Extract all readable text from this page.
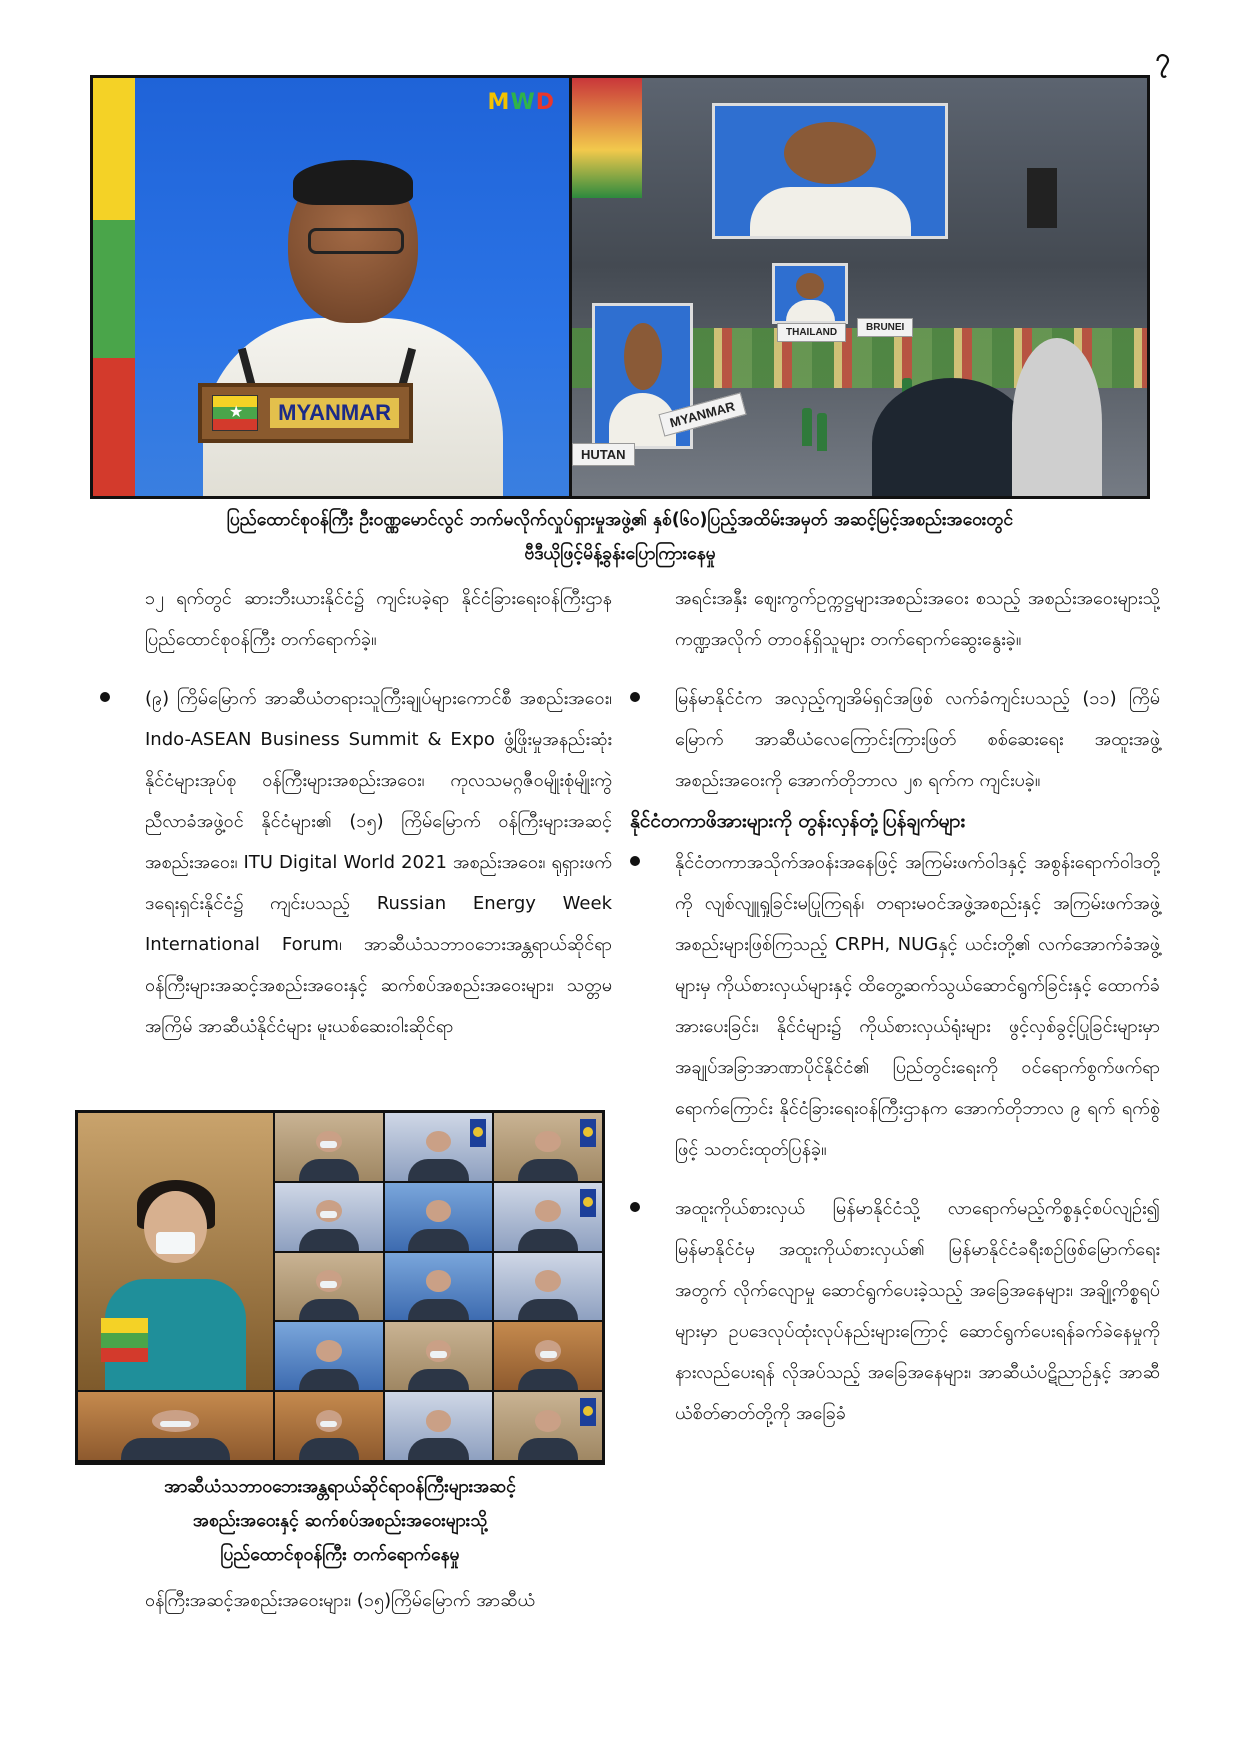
၇
MWD
★	MYANMAR
HUTAN
MYANMAR
THAILAND	BRUNEI
ပြည်ထောင်စုဝန်ကြီး ဦးဝဏ္ဏမောင်လွင် ဘက်မလိုက်လှုပ်ရှားမှုအဖွဲ့၏ နှစ်(၆၀)ပြည့်အထိမ်းအမှတ် အဆင့်မြင့်အစည်းအဝေးတွင်
ဗီဒီယိုဖြင့်မိန့်ခွန်းပြောကြားနေမှု

၁၂ ရက်တွင် ဆားဘီးယားနိုင်ငံ၌ ကျင်းပခဲ့ရာ နိုင်ငံခြားရေးဝန်ကြီးဌာန ပြည်ထောင်စုဝန်ကြီး တက်ရောက်ခဲ့။

(၉) ကြိမ်မြောက် အာဆီယံတရားသူကြီးချုပ်များကောင်စီ အစည်းအဝေး၊ Indo-ASEAN Business Summit & Expo ဖွံ့ဖြိုးမှုအနည်းဆုံးနိုင်ငံများအုပ်စု ဝန်ကြီးများအစည်းအဝေး၊ ကုလသမဂ္ဂဇီဝမျိုးစုံမျိုးကွဲညီလာခံအဖွဲ့ဝင် နိုင်ငံများ၏ (၁၅) ကြိမ်မြောက် ဝန်ကြီးများအဆင့်အစည်းအဝေး၊ ITU Digital World 2021 အစည်းအဝေး၊ ရုရှားဖက်ဒရေးရှင်းနိုင်ငံ၌ ကျင်းပသည့် Russian Energy Week International Forum၊ အာဆီယံသဘာဝဘေးအန္တရာယ်ဆိုင်ရာ ဝန်ကြီးများအဆင့်အစည်းအဝေးနှင့် ဆက်စပ်အစည်းအဝေးများ၊ သတ္တမအကြိမ် အာဆီယံနိုင်ငံများ မူးယစ်ဆေးဝါးဆိုင်ရာ

အာဆီယံသဘာဝဘေးအန္တရာယ်ဆိုင်ရာဝန်ကြီးများအဆင့်
အစည်းအဝေးနှင့် ဆက်စပ်အစည်းအဝေးများသို့
ပြည်ထောင်စုဝန်ကြီး တက်ရောက်နေမှု

ဝန်ကြီးအဆင့်အစည်းအဝေးများ၊ (၁၅)ကြိမ်မြောက် အာဆီယံ

အရင်းအနှီး စျေးကွက်ဥက္ကဋ္ဌများအစည်းအဝေး စသည့် အစည်းအဝေးများသို့ ကဏ္ဍအလိုက် တာဝန်ရှိသူများ တက်ရောက်ဆွေးနွေးခဲ့။

မြန်မာနိုင်ငံက အလှည့်ကျအိမ်ရှင်အဖြစ် လက်ခံကျင်းပသည့် (၁၁) ကြိမ်မြောက် အာဆီယံလေကြောင်းကြားဖြတ် စစ်ဆေးရေး အထူးအဖွဲ့အစည်းအဝေးကို အောက်တိုဘာလ ၂၈ ရက်က ကျင်းပခဲ့။

နိုင်ငံတကာဖိအားများကို တွန်းလှန်တုံ့ပြန်ချက်များ

နိုင်ငံတကာအသိုက်အဝန်းအနေဖြင့် အကြမ်းဖက်ဝါဒနှင့် အစွန်းရောက်ဝါဒတို့ကို လျစ်လျူရှုခြင်းမပြုကြရန်၊ တရားမဝင်အဖွဲ့အစည်းနှင့် အကြမ်းဖက်အဖွဲ့အစည်းများဖြစ်ကြသည့် CRPH, NUGနှင့် ယင်းတို့၏ လက်အောက်ခံအဖွဲ့များမှ ကိုယ်စားလှယ်များနှင့် ထိတွေ့ဆက်သွယ်ဆောင်ရွက်ခြင်းနှင့် ထောက်ခံအားပေးခြင်း၊ နိုင်ငံများ၌ ကိုယ်စားလှယ်ရုံးများ ဖွင့်လှစ်ခွင့်ပြုခြင်းများမှာ အချုပ်အခြာအာဏာပိုင်နိုင်ငံ၏ ပြည်တွင်းရေးကို ဝင်ရောက်စွက်ဖက်ရာ ရောက်ကြောင်း နိုင်ငံခြားရေးဝန်ကြီးဌာနက အောက်တိုဘာလ ၉ ရက် ရက်စွဲဖြင့် သတင်းထုတ်ပြန်ခဲ့။

အထူးကိုယ်စားလှယ် မြန်မာနိုင်ငံသို့ လာရောက်မည့်ကိစ္စနှင့်စပ်လျဉ်း၍ မြန်မာနိုင်ငံမှ အထူးကိုယ်စားလှယ်၏ မြန်မာနိုင်ငံခရီးစဉ်ဖြစ်မြောက်ရေးအတွက် လိုက်လျောမှု ဆောင်ရွက်ပေးခဲ့သည့် အခြေအနေများ၊ အချို့ကိစ္စရပ်များမှာ ဥပဒေလုပ်ထုံးလုပ်နည်းများကြောင့် ဆောင်ရွက်ပေးရန်ခက်ခဲနေမှုကို နားလည်ပေးရန် လိုအပ်သည့် အခြေအနေများ၊ အာဆီယံပဋိညာဉ်နှင့် အာဆီယံစိတ်ဓာတ်တို့ကို အခြေခံ
